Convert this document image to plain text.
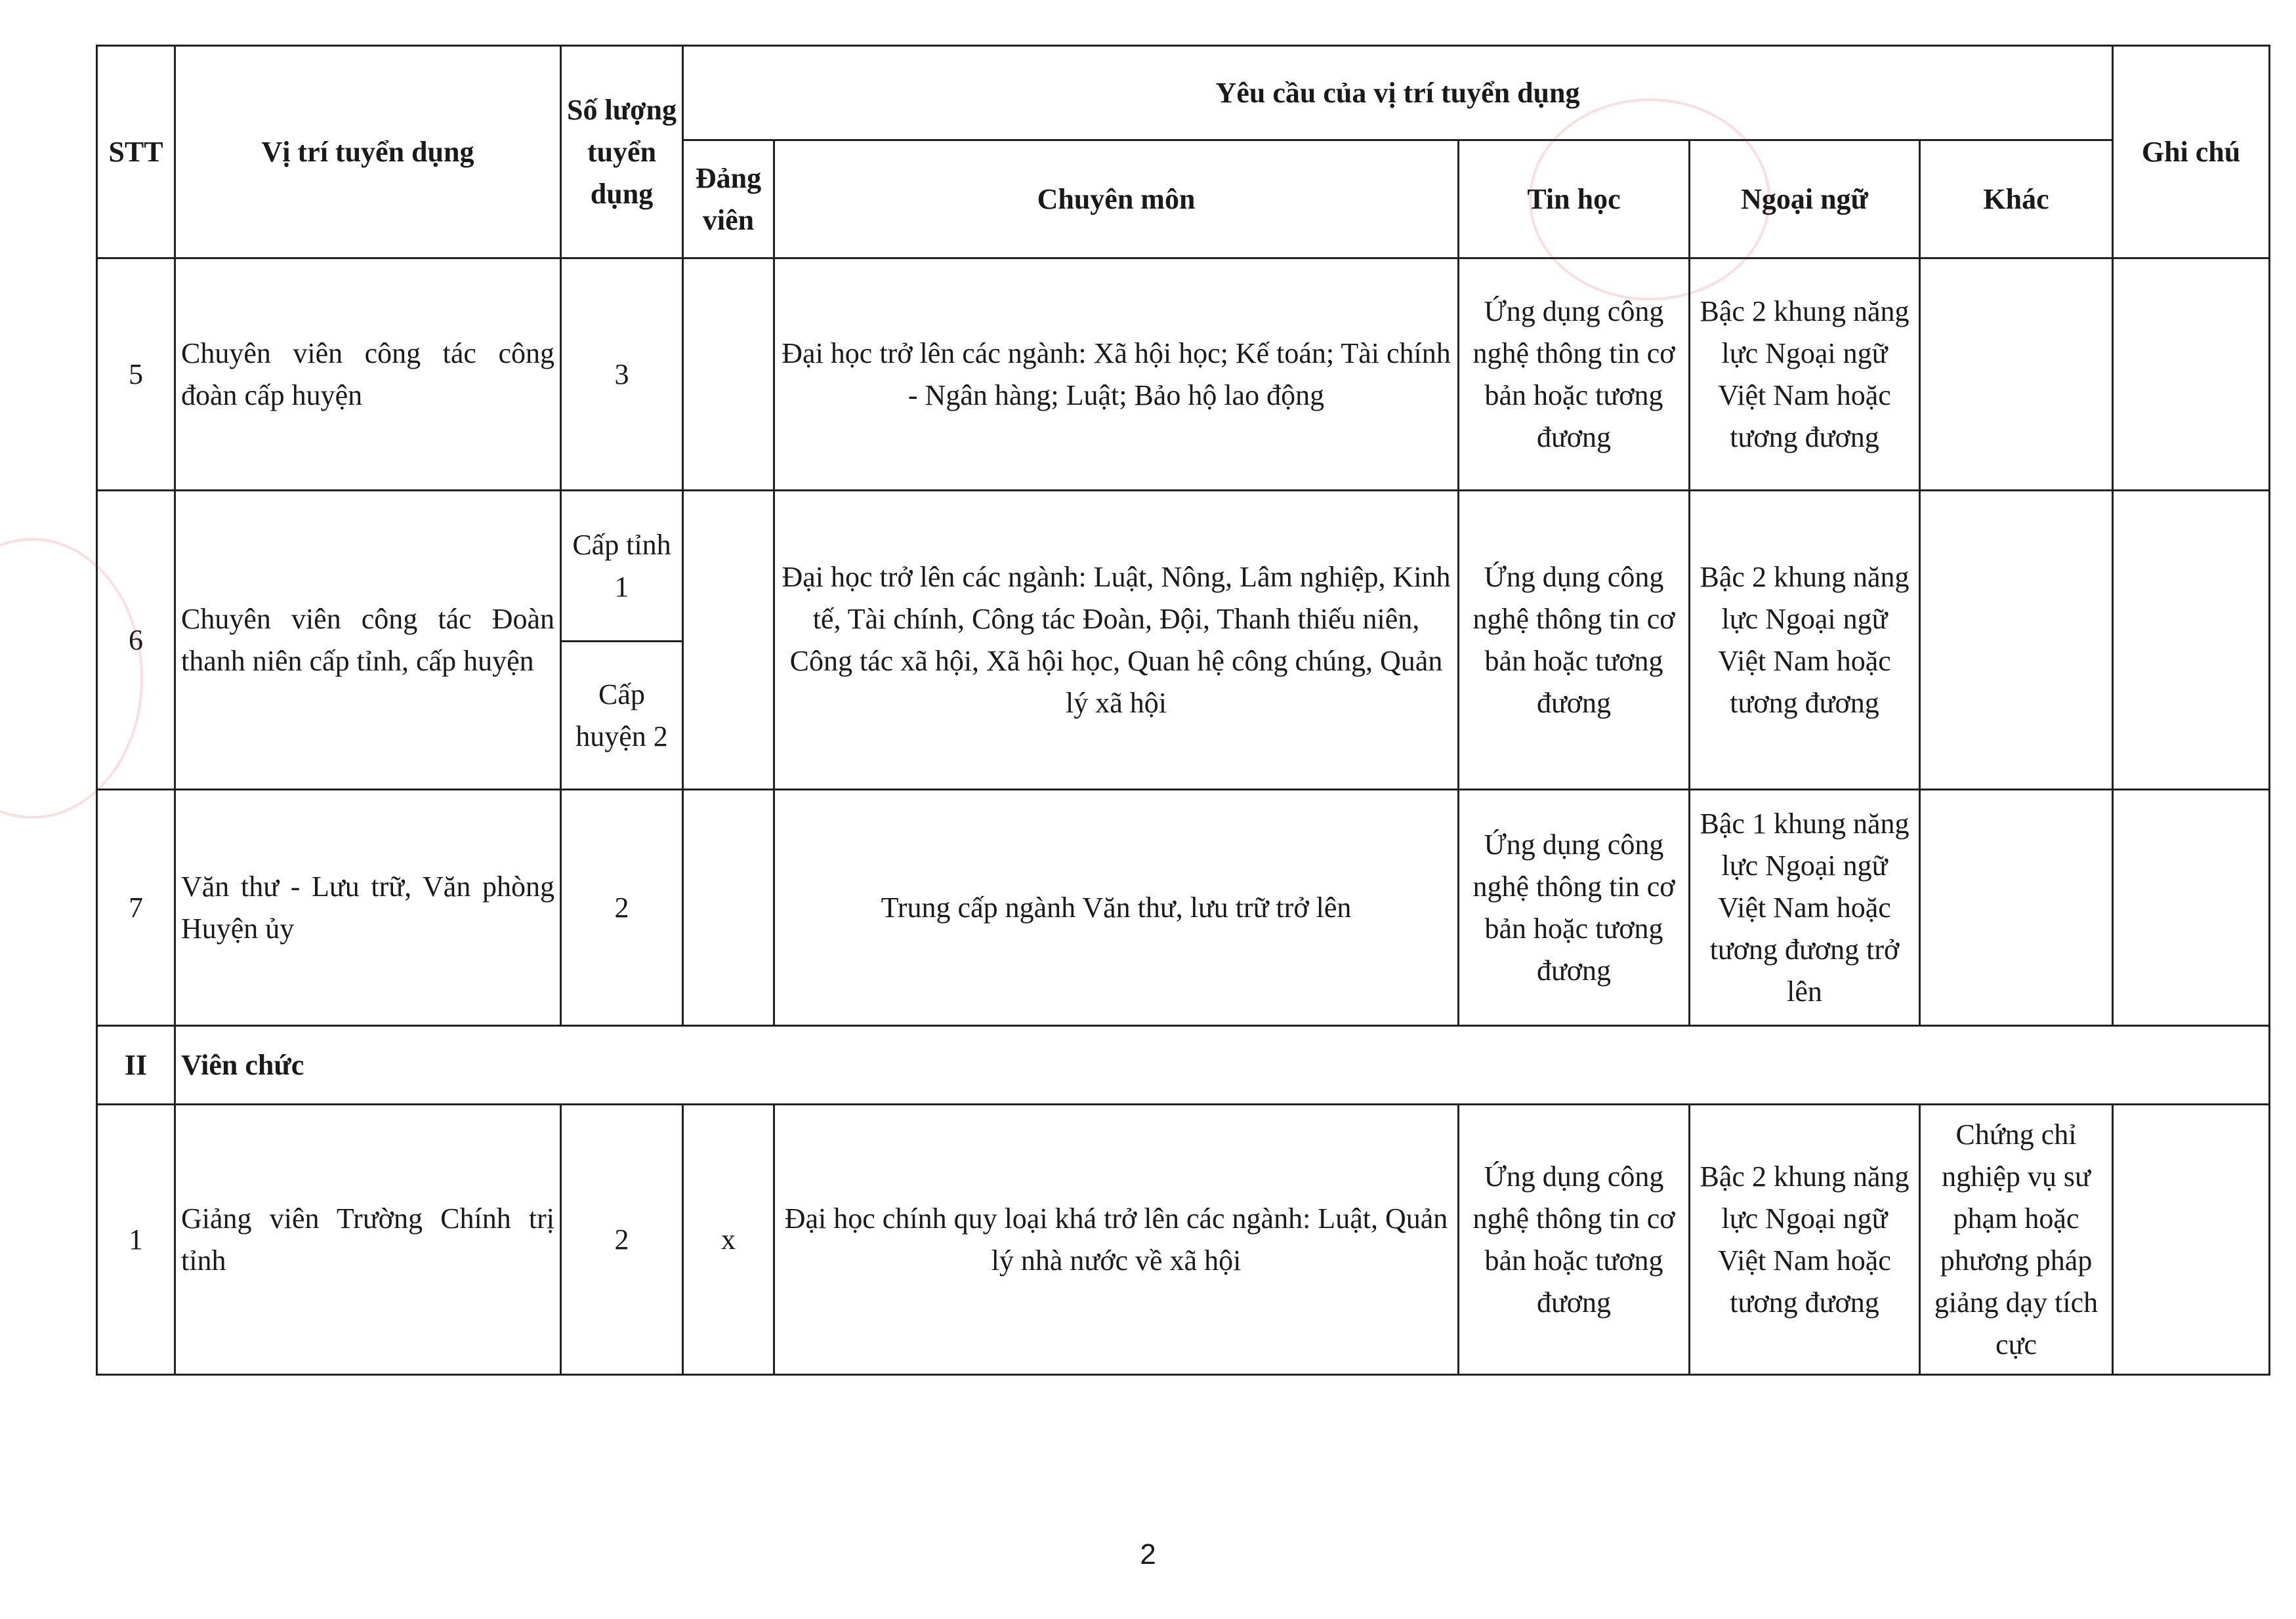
STT	Vị trí tuyển dụng	Số lượng tuyển dụng	Yêu cầu của vị trí tuyển dụng					Ghi chú
			Đảng viên	Chuyên môn	Tin học	Ngoại ngữ	Khác	
5	Chuyên viên công tác công đoàn cấp huyện	3		Đại học trở lên các ngành: Xã hội học; Kế toán; Tài chính - Ngân hàng; Luật; Bảo hộ lao động	Ứng dụng công nghệ thông tin cơ bản hoặc tương đương	Bậc 2 khung năng lực Ngoại ngữ Việt Nam hoặc tương đương		
6	Chuyên viên công tác Đoàn thanh niên cấp tỉnh, cấp huyện	Cấp tỉnh 1		Đại học trở lên các ngành: Luật, Nông, Lâm nghiệp, Kinh tế, Tài chính, Công tác Đoàn, Đội, Thanh thiếu niên, Công tác xã hội, Xã hội học, Quan hệ công chúng, Quản lý xã hội	Ứng dụng công nghệ thông tin cơ bản hoặc tương đương	Bậc 2 khung năng lực Ngoại ngữ Việt Nam hoặc tương đương		
		Cấp huyện 2						
7	Văn thư - Lưu trữ, Văn phòng Huyện ủy	2		Trung cấp ngành Văn thư, lưu trữ trở lên	Ứng dụng công nghệ thông tin cơ bản hoặc tương đương	Bậc 1 khung năng lực Ngoại ngữ Việt Nam hoặc tương đương trở lên		
II	Viên chức							
1	Giảng viên Trường Chính trị tỉnh	2	x	Đại học chính quy loại khá trở lên các ngành: Luật, Quản lý nhà nước về xã hội	Ứng dụng công nghệ thông tin cơ bản hoặc tương đương	Bậc 2 khung năng lực Ngoại ngữ Việt Nam hoặc tương đương	Chứng chỉ nghiệp vụ sư phạm hoặc phương pháp giảng dạy tích cực	
2
